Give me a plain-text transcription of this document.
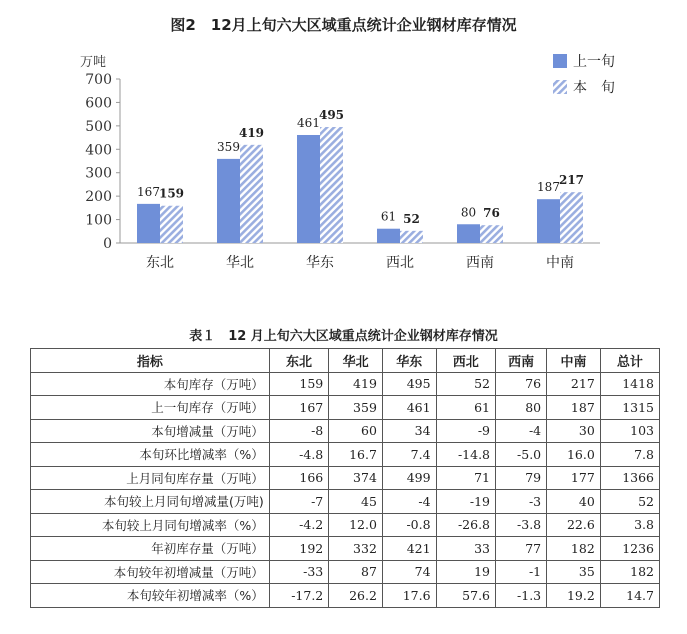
图2　12月上旬六大区域重点统计企业钢材库存情况
万吨
0
100
200
300
400
500
600
700
167 159
东北
359
419
华北
461
495
华东
61 52
西北
80 76
西南
187
217
中南
上一旬
本　旬
表１　12 月上旬六大区域重点统计企业钢材库存情况
指标	东北	华北	华东	西北	西南	中南	总计
本旬库存（万吨）	159	419	495	52	76	217	1418
上一旬库存（万吨）	167	359	461	61	80	187	1315
本旬增减量（万吨）	-8	60	34	-9	-4	30	103
本旬环比增减率（%）	-4.8	16.7	7.4	-14.8	-5.0	16.0	7.8
上月同旬库存量（万吨）	166	374	499	71	79	177	1366
本旬较上月同旬增减量(万吨)	-7	45	-4	-19	-3	40	52
本旬较上月同旬增减率（%）	-4.2	12.0	-0.8	-26.8	-3.8	22.6	3.8
年初库存量（万吨）	192	332	421	33	77	182	1236
本旬较年初增减量（万吨）	-33	87	74	19	-1	35	182
本旬较年初增减率（%）	-17.2	26.2	17.6	57.6	-1.3	19.2	14.7
